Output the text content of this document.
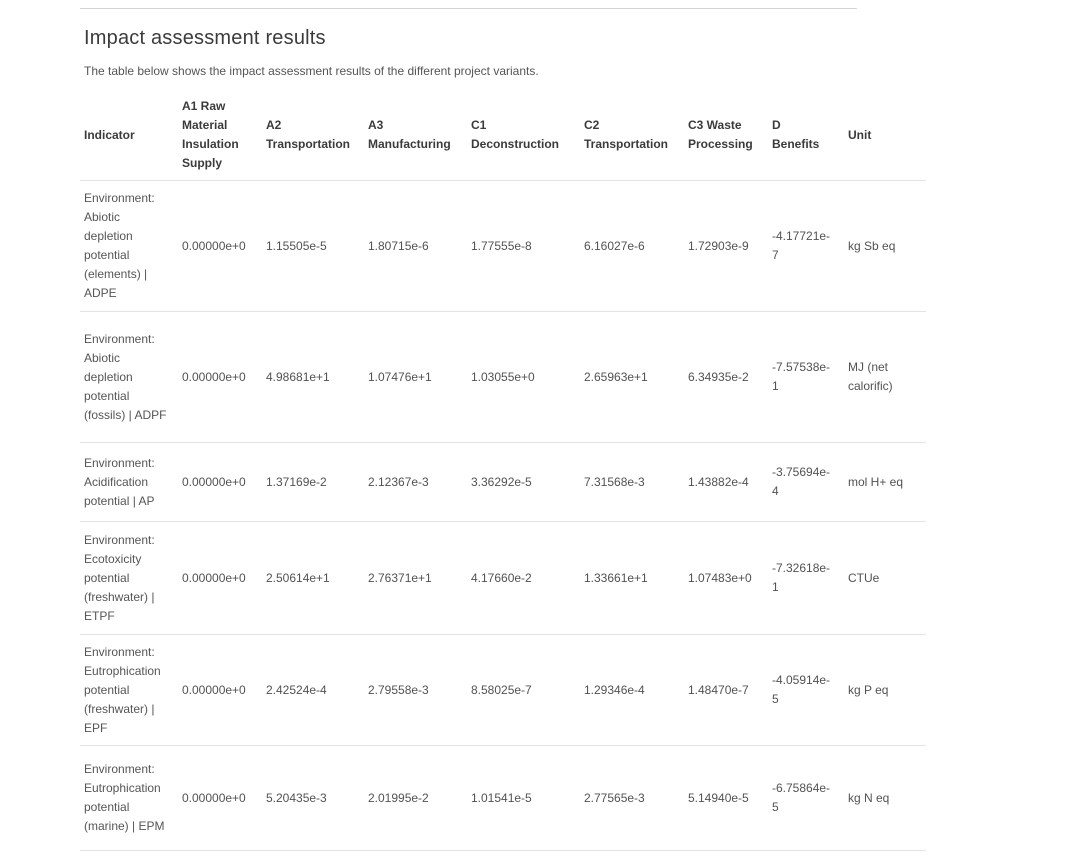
Impact assessment results

The table below shows the impact assessment results of the different project variants.

Indicator	A1 Raw Material Insulation Supply	A2 Transportation	A3 Manufacturing	C1 Deconstruction	C2 Transportation	C3 Waste Processing	D Benefits	Unit
Environment: Abiotic depletion potential (elements) | ADPE	0.00000e+0	1.15505e-5	1.80715e-6	1.77555e-8	6.16027e-6	1.72903e-9	-4.17721e-7	kg Sb eq
Environment: Abiotic depletion potential (fossils) | ADPF	0.00000e+0	4.98681e+1	1.07476e+1	1.03055e+0	2.65963e+1	6.34935e-2	-7.57538e-1	MJ (net calorific)
Environment: Acidification potential | AP	0.00000e+0	1.37169e-2	2.12367e-3	3.36292e-5	7.31568e-3	1.43882e-4	-3.75694e-4	mol H+ eq
Environment: Ecotoxicity potential (freshwater) | ETPF	0.00000e+0	2.50614e+1	2.76371e+1	4.17660e-2	1.33661e+1	1.07483e+0	-7.32618e-1	CTUe
Environment: Eutrophication potential (freshwater) | EPF	0.00000e+0	2.42524e-4	2.79558e-3	8.58025e-7	1.29346e-4	1.48470e-7	-4.05914e-5	kg P eq
Environment: Eutrophication potential (marine) | EPM	0.00000e+0	5.20435e-3	2.01995e-2	1.01541e-5	2.77565e-3	5.14940e-5	-6.75864e-5	kg N eq
